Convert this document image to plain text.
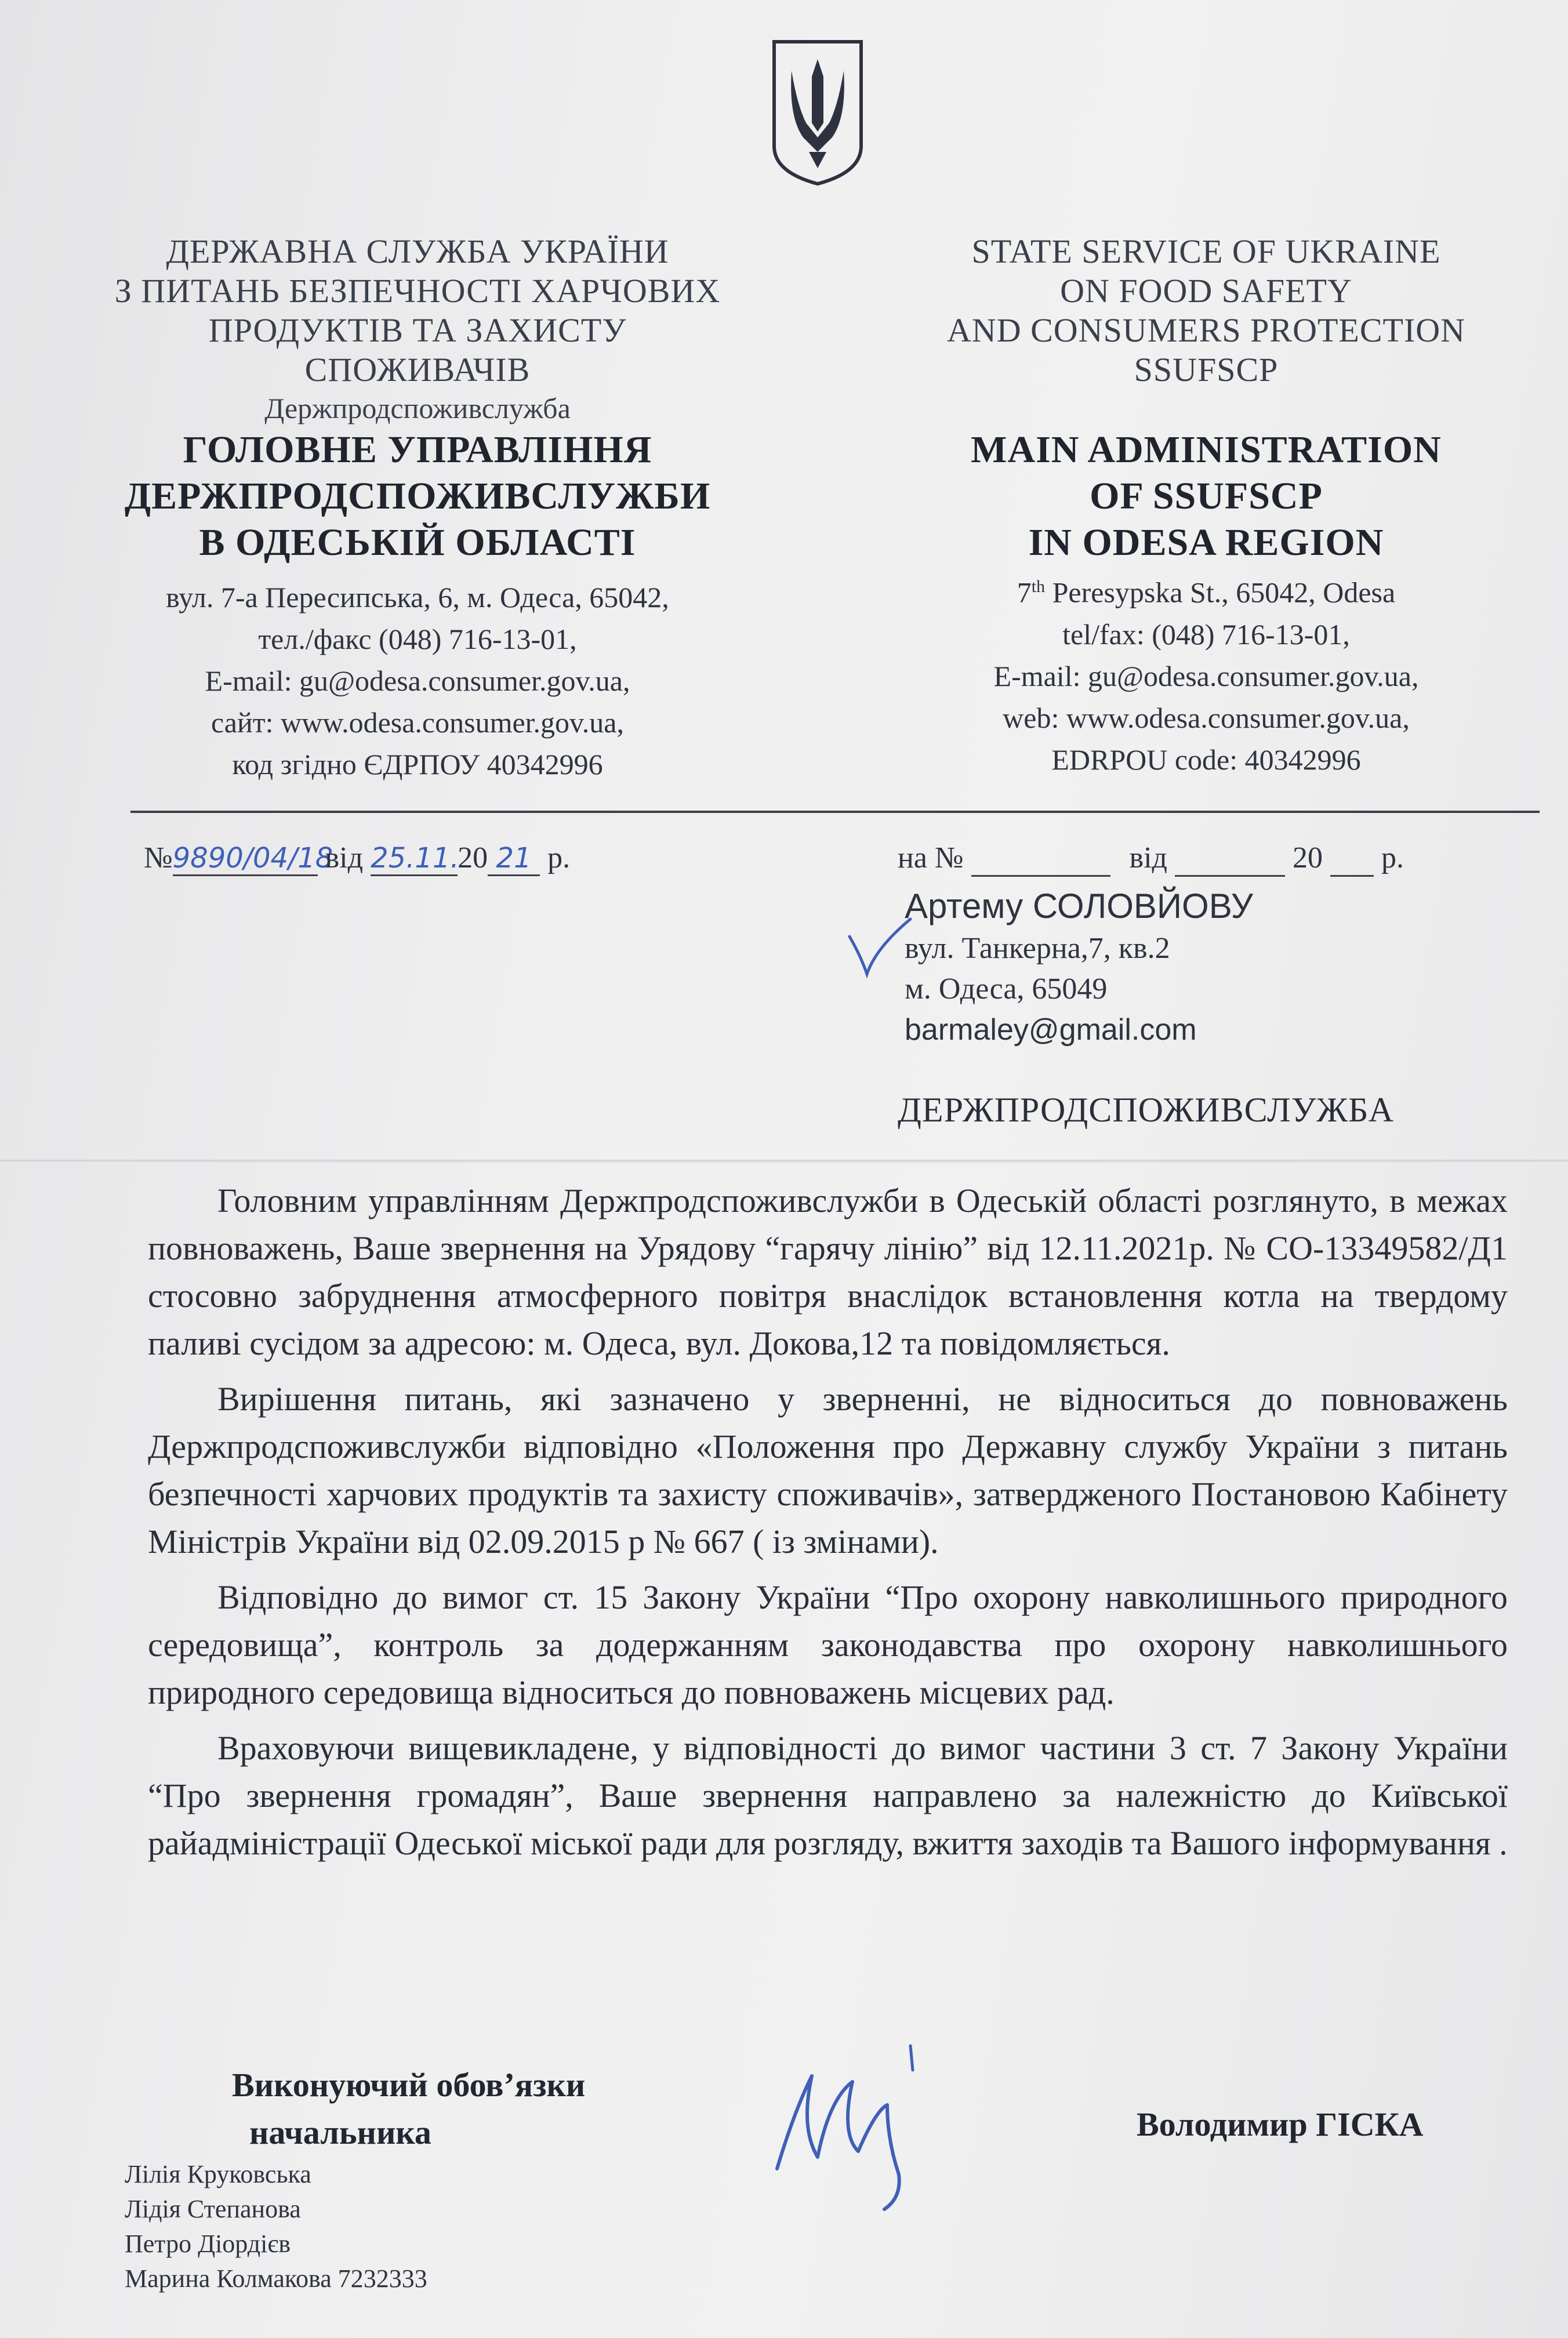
ДЕРЖАВНА СЛУЖБА УКРАЇНИ
З ПИТАНЬ БЕЗПЕЧНОСТІ ХАРЧОВИХ
ПРОДУКТІВ ТА ЗАХИСТУ
СПОЖИВАЧІВ
Держпродспоживслужба
ГОЛОВНЕ УПРАВЛІННЯ
ДЕРЖПРОДСПОЖИВСЛУЖБИ
В ОДЕСЬКІЙ ОБЛАСТІ
вул. 7-а Пересипська, 6, м. Одеса, 65042,
тел./факс (048) 716-13-01,
E-mail: gu@odesa.consumer.gov.ua,
сайт: www.odesa.consumer.gov.ua,
код згідно ЄДРПОУ 40342996
STATE SERVICE OF UKRAINE
ON FOOD SAFETY
AND CONSUMERS PROTECTION
SSUFSCP
MAIN ADMINISTRATION
OF SSUFSCP
IN ODESA REGION
7th Peresypska St., 65042, Odesa
tel/fax: (048) 716-13-01,
E-mail: gu@odesa.consumer.gov.ua,
web: www.odesa.consumer.gov.ua,
EDRPOU code: 40342996
№9890/04/18 від 25.11.20 21 р.	на №	від	20 р.
Артему СОЛОВЙОВУ
вул. Танкерна,7, кв.2
м. Одеса, 65049
barmaley@gmail.com
ДЕРЖПРОДСПОЖИВСЛУЖБА

Головним управлінням Держпродспоживслужби в Одеській області розглянуто, в межах повноважень, Ваше звернення на Урядову “гарячу лінію” від 12.11.2021р. № СО-13349582/Д1 стосовно забруднення атмосферного повітря внаслідок встановлення котла на твердому паливі сусідом за адресою: м. Одеса, вул. Докова,12 та повідомляється.

Вирішення питань, які зазначено у зверненні, не відноситься до повноважень Держпродспоживслужби відповідно «Положення про Державну службу України з питань безпечності харчових продуктів та захисту споживачів», затвердженого Постановою Кабінету Міністрів України від 02.09.2015 р № 667 ( із змінами).

Відповідно до вимог ст. 15 Закону України “Про охорону навколишнього природного середовища”, контроль за додержанням законодавства про охорону навколишнього природного середовища відноситься до повноважень місцевих рад.

Враховуючи вищевикладене, у відповідності до вимог частини 3 ст. 7 Закону України “Про звернення громадян”, Ваше звернення направлено за належністю до Київської райадміністрації Одеської міської ради для розгляду, вжиття заходів та Вашого інформування .

Виконуючий обов’язки
начальника	Володимир ГІСКА
Лілія Круковська
Лідія Степанова
Петро Діордієв
Марина Колмакова 7232333
